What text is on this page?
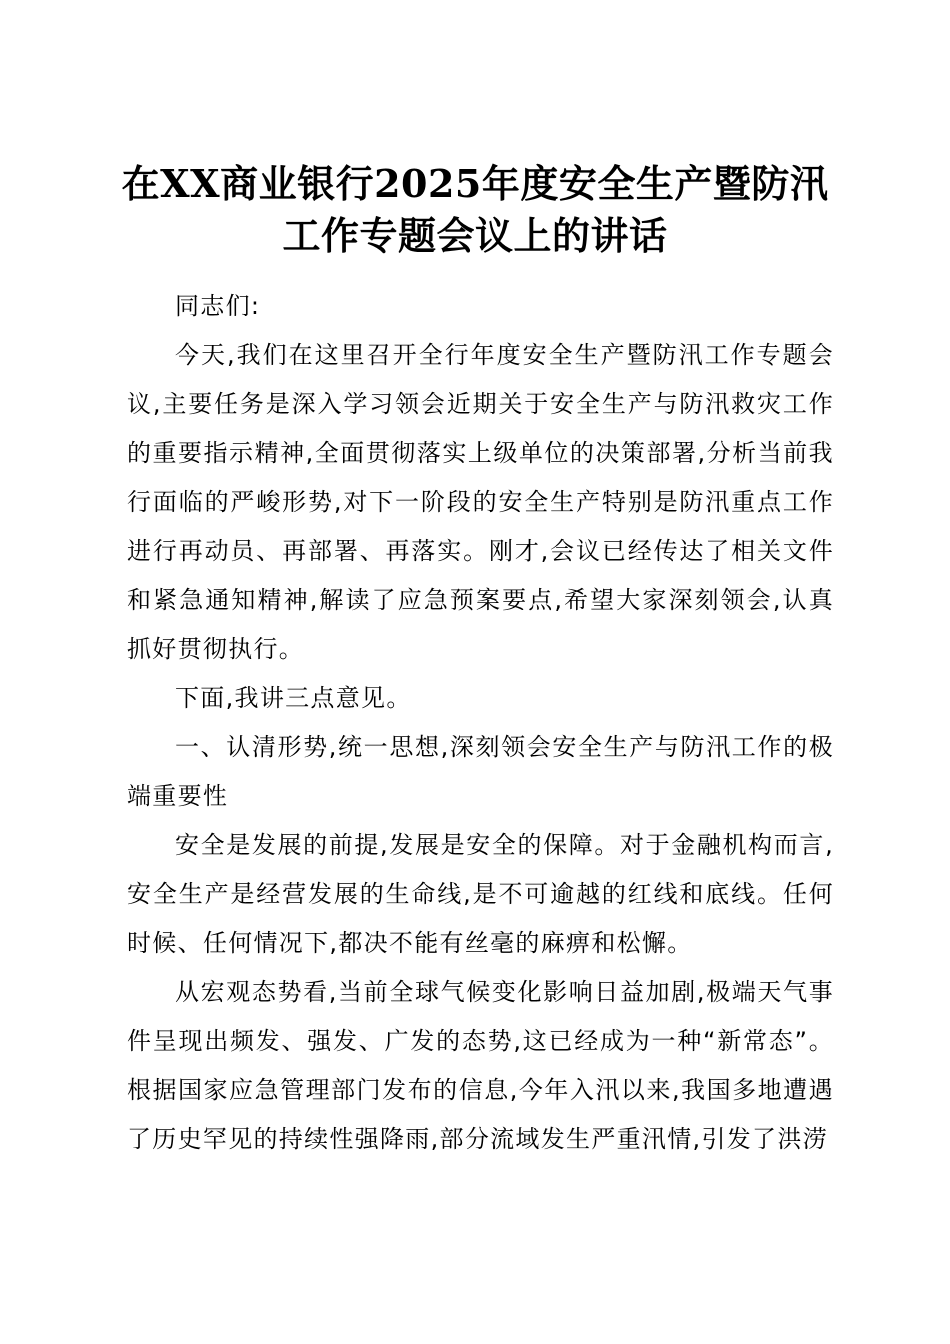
在XX商业银行2025年度安全生产暨防汛工作专题会议上的讲话

同志们:

今天,我们在这里召开全行年度安全生产暨防汛工作专题会议,主要任务是深入学习领会近期关于安全生产与防汛救灾工作的重要指示精神,全面贯彻落实上级单位的决策部署,分析当前我行面临的严峻形势,对下一阶段的安全生产特别是防汛重点工作进行再动员、再部署、再落实。刚才,会议已经传达了相关文件和紧急通知精神,解读了应急预案要点,希望大家深刻领会,认真抓好贯彻执行。

下面,我讲三点意见。

一、认清形势,统一思想,深刻领会安全生产与防汛工作的极端重要性

安全是发展的前提,发展是安全的保障。对于金融机构而言,安全生产是经营发展的生命线,是不可逾越的红线和底线。任何时候、任何情况下,都决不能有丝毫的麻痹和松懈。

从宏观态势看,当前全球气候变化影响日益加剧,极端天气事件呈现出频发、强发、广发的态势,这已经成为一种“新常态”。根据国家应急管理部门发布的信息,今年入汛以来,我国多地遭遇了历史罕见的持续性强降雨,部分流域发生严重汛情,引发了洪涝
